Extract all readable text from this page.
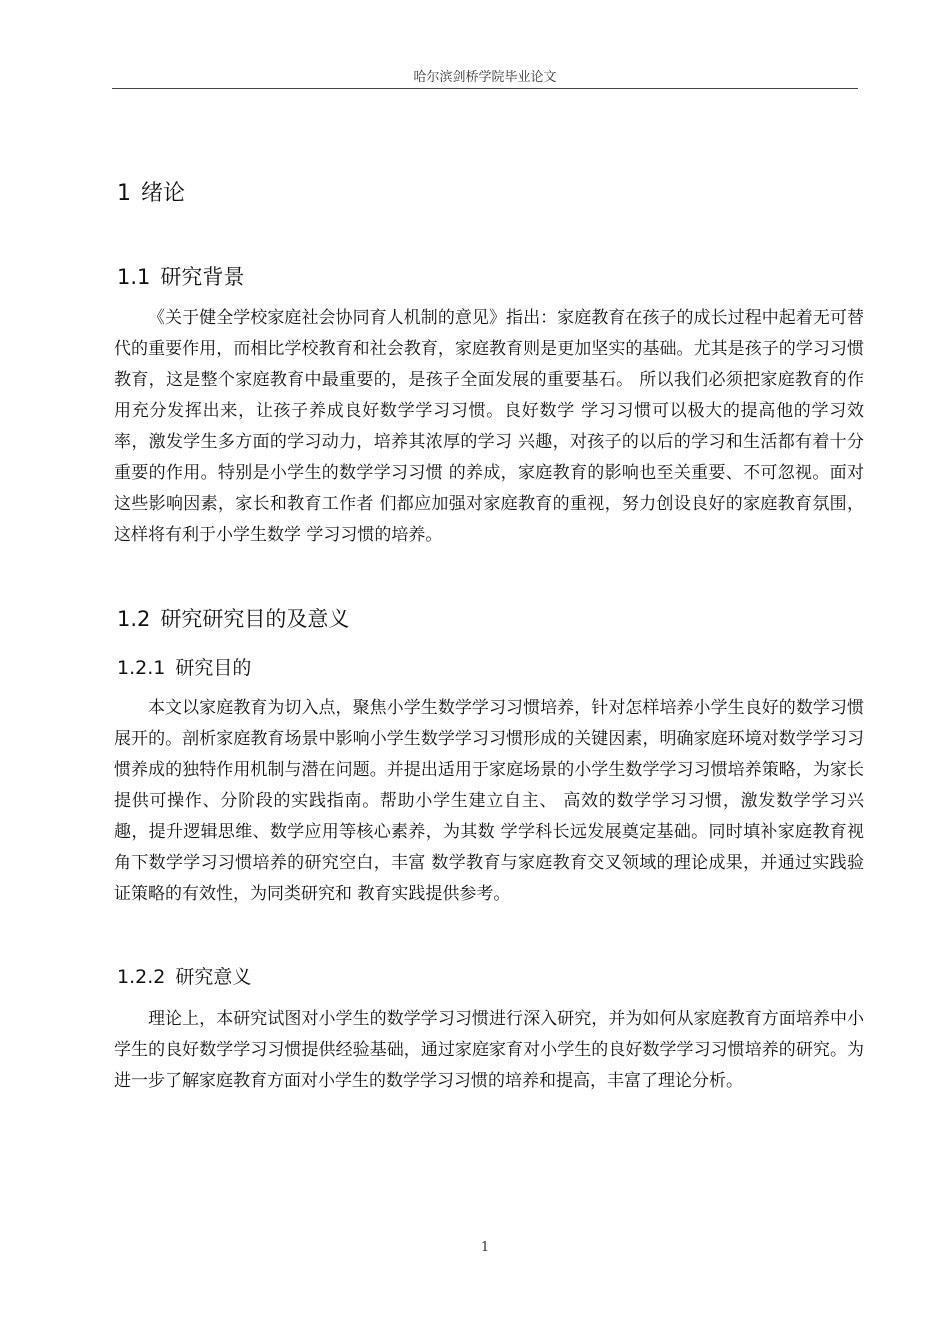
哈尔滨剑桥学院毕业论文
1 绪论
1.1 研究背景

《关于健全学校家庭社会协同育人机制的意见》指出：家庭教育在孩子的成长过程中起着无可替代的重要作用，而相比学校教育和社会教育，家庭教育则是更加坚实的基础。尤其是孩子的学习习惯教育，这是整个家庭教育中最重要的，是孩子全面发展的重要基石。 所以我们必须把家庭教育的作用充分发挥出来，让孩子养成良好数学学习习惯。良好数学 学习习惯可以极大的提高他的学习效率，激发学生多方面的学习动力，培养其浓厚的学习 兴趣，对孩子的以后的学习和生活都有着十分重要的作用。特别是小学生的数学学习习惯 的养成，家庭教育的影响也至关重要、不可忽视。面对这些影响因素，家长和教育工作者 们都应加强对家庭教育的重视，努力创设良好的家庭教育氛围，这样将有利于小学生数学 学习习惯的培养。

1.2 研究研究目的及意义
1.2.1 研究目的

本文以家庭教育为切入点，聚焦小学生数学学习习惯培养，针对怎样培养小学生良好的数学习惯展开的。剖析家庭教育场景中影响小学生数学学习习惯形成的关键因素，明确家庭环境对数学学习习惯养成的独特作用机制与潜在问题。并提出适用于家庭场景的小学生数学学习习惯培养策略，为家长提供可操作、分阶段的实践指南。帮助小学生建立自主、 高效的数学学习习惯，激发数学学习兴趣，提升逻辑思维、数学应用等核心素养，为其数 学学科长远发展奠定基础。同时填补家庭教育视角下数学学习习惯培养的研究空白，丰富 数学教育与家庭教育交叉领域的理论成果，并通过实践验证策略的有效性，为同类研究和 教育实践提供参考。

1.2.2 研究意义

理论上，本研究试图对小学生的数学学习习惯进行深入研究，并为如何从家庭教育方面培养中小学生的良好数学学习习惯提供经验基础，通过家庭家育对小学生的良好数学学习习惯培养的研究。为进一步了解家庭教育方面对小学生的数学学习习惯的培养和提高，丰富了理论分析。

1
